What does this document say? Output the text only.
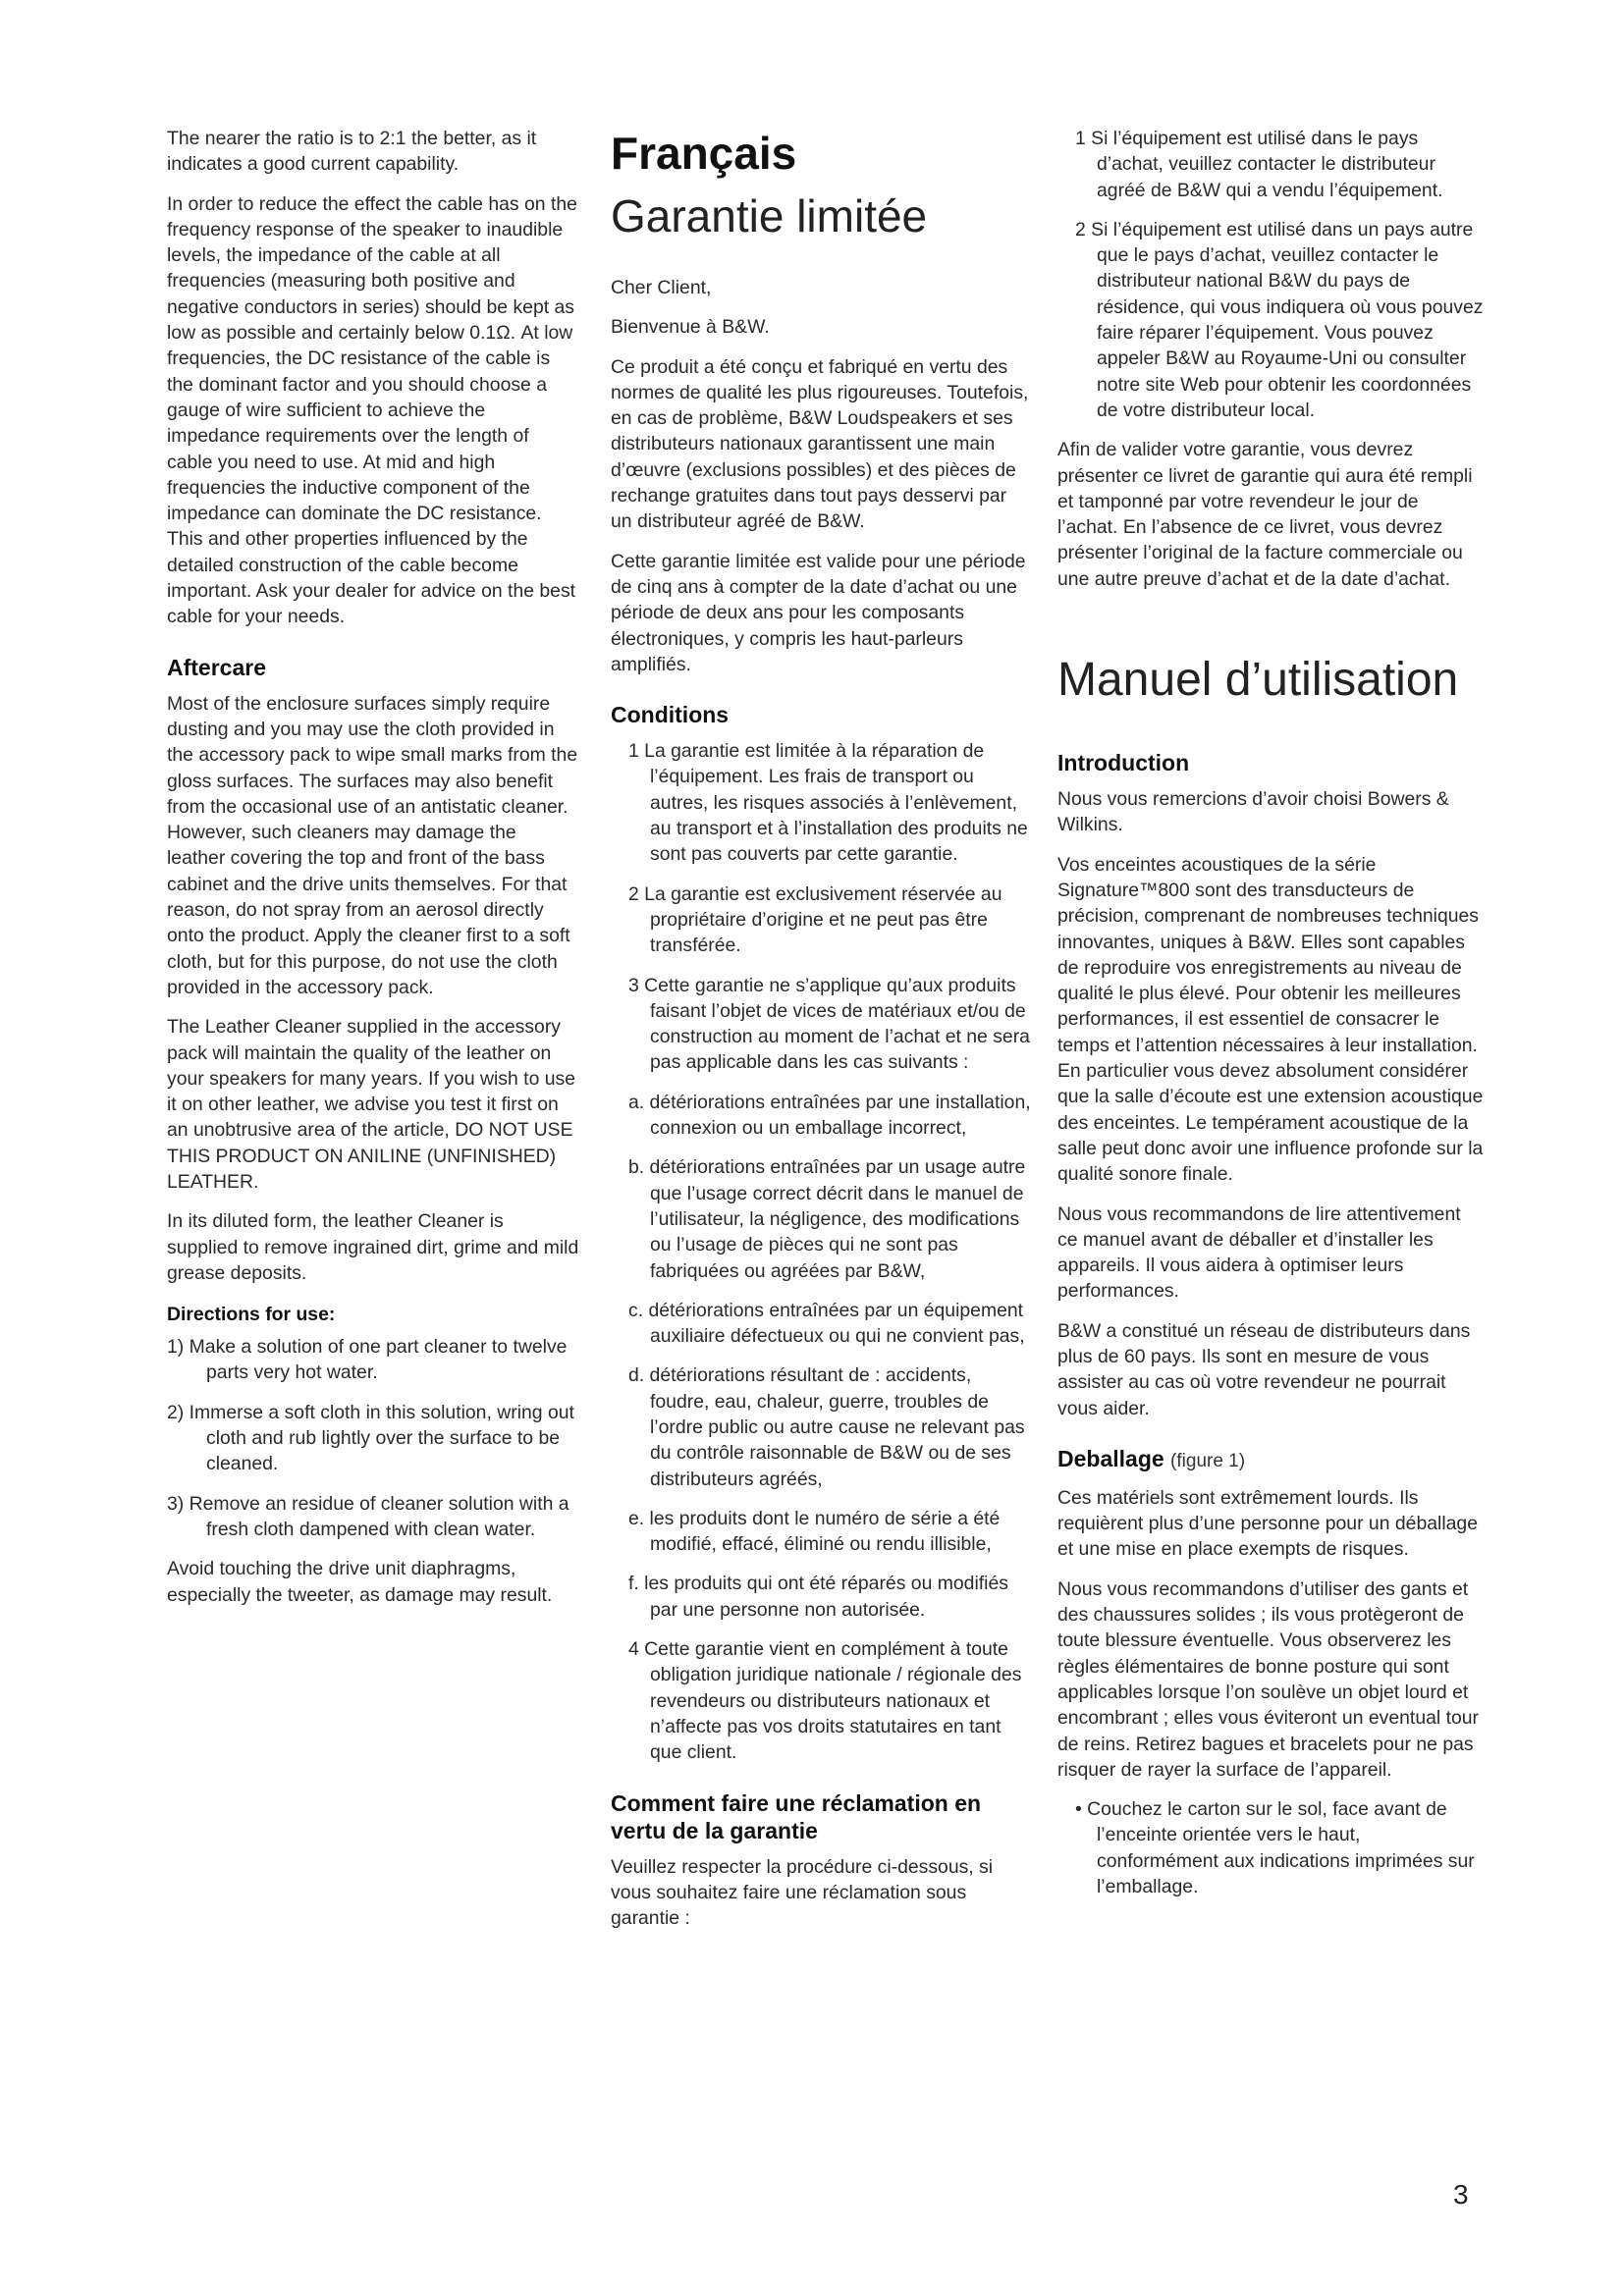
The nearer the ratio is to 2:1 the better, as it indicates a good current capability.

In order to reduce the effect the cable has on the frequency response of the speaker to inaudible levels, the impedance of the cable at all frequencies (measuring both positive and negative conductors in series) should be kept as low as possible and certainly below 0.1Ω. At low frequencies, the DC resistance of the cable is the dominant factor and you should choose a gauge of wire sufficient to achieve the impedance requirements over the length of cable you need to use. At mid and high frequencies the inductive component of the impedance can dominate the DC resistance. This and other properties influenced by the detailed construction of the cable become important. Ask your dealer for advice on the best cable for your needs.

Aftercare

Most of the enclosure surfaces simply require dusting and you may use the cloth provided in the accessory pack to wipe small marks from the gloss surfaces. The surfaces may also benefit from the occasional use of an antistatic cleaner. However, such cleaners may damage the leather covering the top and front of the bass cabinet and the drive units themselves. For that reason, do not spray from an aerosol directly onto the product. Apply the cleaner first to a soft cloth, but for this purpose, do not use the cloth provided in the accessory pack.

The Leather Cleaner supplied in the accessory pack will maintain the quality of the leather on your speakers for many years. If you wish to use it on other leather, we advise you test it first on an unobtrusive area of the article, DO NOT USE THIS PRODUCT ON ANILINE (UNFINISHED) LEATHER.

In its diluted form, the leather Cleaner is supplied to remove ingrained dirt, grime and mild grease deposits.

Directions for use:

1) Make a solution of one part cleaner to twelve parts very hot water.

2) Immerse a soft cloth in this solution, wring out cloth and rub lightly over the surface to be cleaned.

3) Remove an residue of cleaner solution with a fresh cloth dampened with clean water.

Avoid touching the drive unit diaphragms, especially the tweeter, as damage may result.

Français
Garantie limitée

Cher Client,

Bienvenue à B&W.

Ce produit a été conçu et fabriqué en vertu des normes de qualité les plus rigoureuses. Toutefois, en cas de problème, B&W Loudspeakers et ses distributeurs nationaux garantissent une main d’œuvre (exclusions possibles) et des pièces de rechange gratuites dans tout pays desservi par un distributeur agréé de B&W.

Cette garantie limitée est valide pour une période de cinq ans à compter de la date d’achat ou une période de deux ans pour les composants électroniques, y compris les haut-parleurs amplifiés.

Conditions

1 La garantie est limitée à la réparation de l’équipement. Les frais de transport ou autres, les risques associés à l’enlèvement, au transport et à l’installation des produits ne sont pas couverts par cette garantie.

2 La garantie est exclusivement réservée au propriétaire d’origine et ne peut pas être transférée.

3 Cette garantie ne s’applique qu’aux produits faisant l’objet de vices de matériaux et/ou de construction au moment de l’achat et ne sera pas applicable dans les cas suivants :

a. détériorations entraînées par une installation, connexion ou un emballage incorrect,

b. détériorations entraînées par un usage autre que l’usage correct décrit dans le manuel de l’utilisateur, la négligence, des modifications ou l’usage de pièces qui ne sont pas fabriquées ou agréées par B&W,

c. détériorations entraînées par un équipement auxiliaire défectueux ou qui ne convient pas,

d. détériorations résultant de : accidents, foudre, eau, chaleur, guerre, troubles de l’ordre public ou autre cause ne relevant pas du contrôle raisonnable de B&W ou de ses distributeurs agréés,

e. les produits dont le numéro de série a été modifié, effacé, éliminé ou rendu illisible,

f. les produits qui ont été réparés ou modifiés par une personne non autorisée.

4 Cette garantie vient en complément à toute obligation juridique nationale / régionale des revendeurs ou distributeurs nationaux et n’affecte pas vos droits statutaires en tant que client.

Comment faire une réclamation en vertu de la garantie

Veuillez respecter la procédure ci-dessous, si vous souhaitez faire une réclamation sous garantie :

1 Si l’équipement est utilisé dans le pays d’achat, veuillez contacter le distributeur agréé de B&W qui a vendu l’équipement.

2 Si l’équipement est utilisé dans un pays autre que le pays d’achat, veuillez contacter le distributeur national B&W du pays de résidence, qui vous indiquera où vous pouvez faire réparer l’équipement. Vous pouvez appeler B&W au Royaume-Uni ou consulter notre site Web pour obtenir les coordonnées de votre distributeur local.

Afin de valider votre garantie, vous devrez présenter ce livret de garantie qui aura été rempli et tamponné par votre revendeur le jour de l’achat. En l’absence de ce livret, vous devrez présenter l’original de la facture commerciale ou une autre preuve d’achat et de la date d’achat.

Manuel d’utilisation
Introduction

Nous vous remercions d’avoir choisi Bowers & Wilkins.

Vos enceintes acoustiques de la série Signature™800 sont des transducteurs de précision, comprenant de nombreuses techniques innovantes, uniques à B&W. Elles sont capables de reproduire vos enregistrements au niveau de qualité le plus élevé. Pour obtenir les meilleures performances, il est essentiel de consacrer le temps et l’attention nécessaires à leur installation. En particulier vous devez absolument considérer que la salle d’écoute est une extension acoustique des enceintes. Le tempérament acoustique de la salle peut donc avoir une influence profonde sur la qualité sonore finale.

Nous vous recommandons de lire attentivement ce manuel avant de déballer et d’installer les appareils. Il vous aidera à optimiser leurs performances.

B&W a constitué un réseau de distributeurs dans plus de 60 pays. Ils sont en mesure de vous assister au cas où votre revendeur ne pourrait vous aider.

Deballage (figure 1)

Ces matériels sont extrêmement lourds. Ils requièrent plus d’une personne pour un déballage et une mise en place exempts de risques.

Nous vous recommandons d’utiliser des gants et des chaussures solides ; ils vous protègeront de toute blessure éventuelle. Vous observerez les règles élémentaires de bonne posture qui sont applicables lorsque l’on soulève un objet lourd et encombrant ; elles vous éviteront un eventual tour de reins. Retirez bagues et bracelets pour ne pas risquer de rayer la surface de l’appareil.

• Couchez le carton sur le sol, face avant de l’enceinte orientée vers le haut, conformément aux indications imprimées sur l’emballage.

3
